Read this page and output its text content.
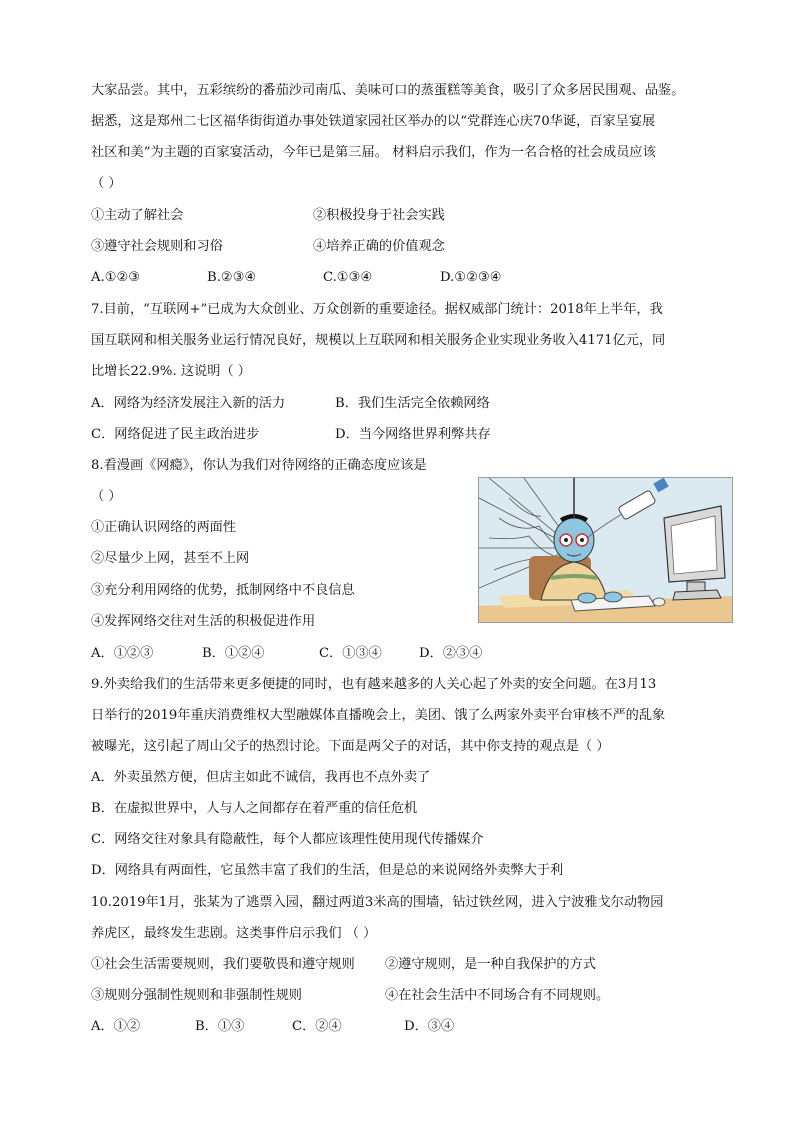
大家品尝。其中，五彩缤纷的番茄沙司南瓜、美味可口的蒸蛋糕等美食，吸引了众多居民围观、品鉴。

据悉，这是郑州二七区福华街街道办事处铁道家园社区举办的以“党群连心庆70华诞，百家呈宴展

社区和美”为主题的百家宴活动，今年已是第三届。 材料启示我们，作为一名合格的社会成员应该

（ ）

①主动了解社会	②积极投身于社会实践

③遵守社会规则和习俗	④培养正确的价值观念

A.①②③	B.②③④	C.①③④	D.①②③④

7.目前，“互联网+”已成为大众创业、万众创新的重要途径。据权威部门统计：2018年上半年，我

国互联网和相关服务业运行情况良好，规模以上互联网和相关服务企业实现业务收入4171亿元，同

比增长22.9%. 这说明（ ）

A．网络为经济发展注入新的活力	B．我们生活完全依赖网络

C．网络促进了民主政治进步	D．当今网络世界利弊共存

8.看漫画《网瘾》，你认为我们对待网络的正确态度应该是

（ ）

①正确认识网络的两面性

②尽量少上网，甚至不上网

③充分利用网络的优势，抵制网络中不良信息

④发挥网络交往对生活的积极促进作用

A．①②③	B．①②④	C．①③④	D．②③④

9.外卖给我们的生活带来更多便捷的同时，也有越来越多的人关心起了外卖的安全问题。在3月13

日举行的2019年重庆消费维权大型融媒体直播晚会上，美团、饿了么两家外卖平台审核不严的乱象

被曝光，这引起了周山父子的热烈讨论。下面是两父子的对话，其中你支持的观点是（ ）

A．外卖虽然方便，但店主如此不诚信，我再也不点外卖了

B．在虚拟世界中，人与人之间都存在着严重的信任危机

C．网络交往对象具有隐蔽性，每个人都应该理性使用现代传播媒介

D．网络具有两面性，它虽然丰富了我们的生活，但是总的来说网络外卖弊大于利

10.2019年1月，张某为了逃票入园，翻过两道3米高的围墙，钻过铁丝网，进入宁波雅戈尔动物园

养虎区，最终发生悲剧。这类事件启示我们 （ ）

①社会生活需要规则，我们要敬畏和遵守规则 ②遵守规则，是一种自我保护的方式

③规则分强制性规则和非强制性规则	④在社会生活中不同场合有不同规则。

A．①②	B．①③	C．②④	D．③④
